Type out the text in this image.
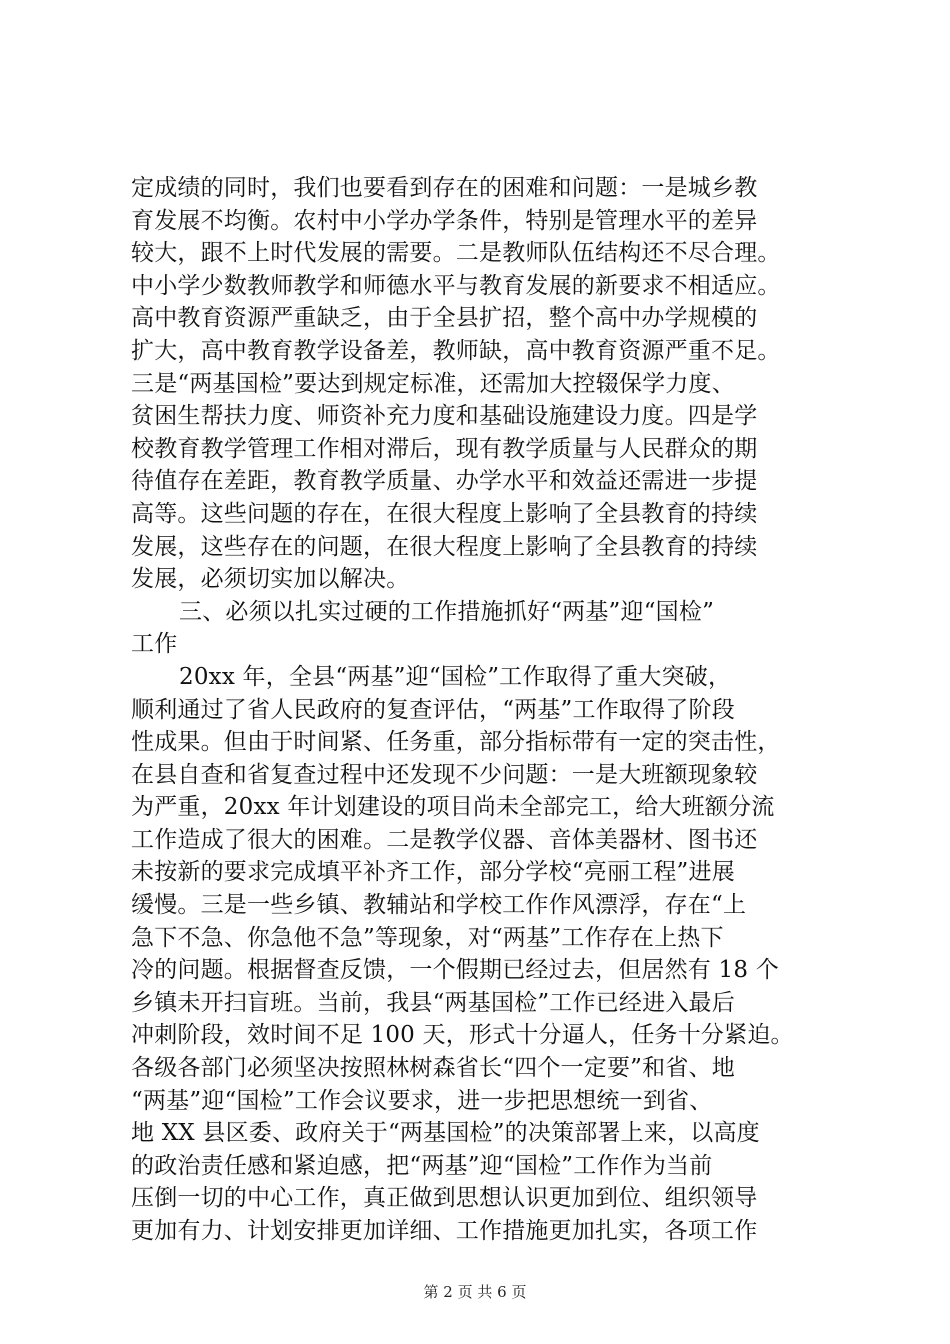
定成绩的同时，我们也要看到存在的困难和问题：一是城乡教
育发展不均衡。农村中小学办学条件，特别是管理水平的差异
较大，跟不上时代发展的需要。二是教师队伍结构还不尽合理。
中小学少数教师教学和师德水平与教育发展的新要求不相适应。
高中教育资源严重缺乏，由于全县扩招，整个高中办学规模的
扩大，高中教育教学设备差，教师缺，高中教育资源严重不足。
三是“两基国检”要达到规定标准，还需加大控辍保学力度、
贫困生帮扶力度、师资补充力度和基础设施建设力度。四是学
校教育教学管理工作相对滞后，现有教学质量与人民群众的期
待值存在差距，教育教学质量、办学水平和效益还需进一步提
高等。这些问题的存在，在很大程度上影响了全县教育的持续
发展，这些存在的问题，在很大程度上影响了全县教育的持续
发展，必须切实加以解决。
三、必须以扎实过硬的工作措施抓好“两基”迎“国检”
工作
20xx 年，全县“两基”迎“国检”工作取得了重大突破，
顺利通过了省人民政府的复查评估，“两基”工作取得了阶段
性成果。但由于时间紧、任务重，部分指标带有一定的突击性，
在县自查和省复查过程中还发现不少问题：一是大班额现象较
为严重，20xx 年计划建设的项目尚未全部完工，给大班额分流
工作造成了很大的困难。二是教学仪器、音体美器材、图书还
未按新的要求完成填平补齐工作，部分学校“亮丽工程”进展
缓慢。三是一些乡镇、教辅站和学校工作作风漂浮，存在“上
急下不急、你急他不急”等现象，对“两基”工作存在上热下
冷的问题。根据督查反馈，一个假期已经过去，但居然有 18 个
乡镇未开扫盲班。当前，我县“两基国检”工作已经进入最后
冲刺阶段，效时间不足 100 天，形式十分逼人，任务十分紧迫。
各级各部门必须坚决按照林树森省长“四个一定要”和省、地
“两基”迎“国检”工作会议要求，进一步把思想统一到省、
地 XX 县区委、政府关于“两基国检”的决策部署上来，以高度
的政治责任感和紧迫感，把“两基”迎“国检”工作作为当前
压倒一切的中心工作，真正做到思想认识更加到位、组织领导
更加有力、计划安排更加详细、工作措施更加扎实，各项工作
第 2 页 共 6 页
